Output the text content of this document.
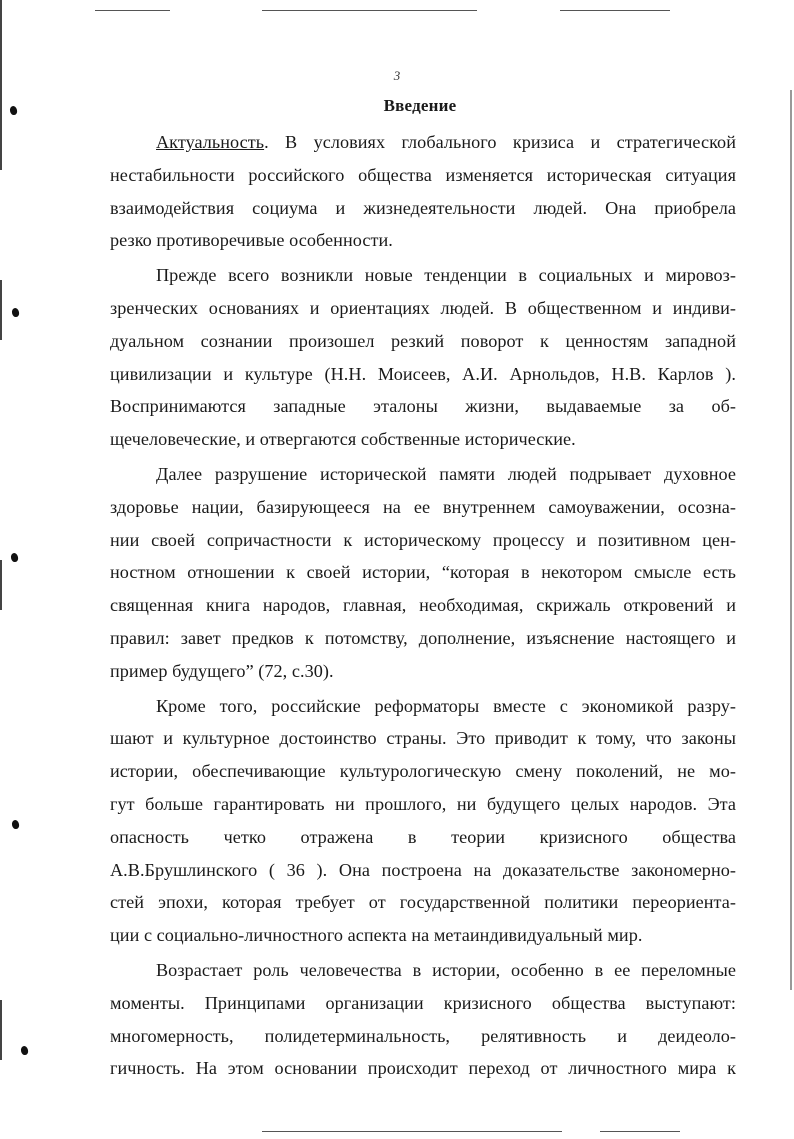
3
Введение
Актуальность. В условиях глобального кризиса и стратегической
нестабильности российского общества изменяется историческая ситуация
взаимодействия социума и жизнедеятельности людей. Она приобрела
резко противоречивые особенности.
Прежде всего возникли новые тенденции в социальных и мировоз-
зренческих основаниях и ориентациях людей. В общественном и индиви-
дуальном сознании произошел резкий поворот к ценностям западной
цивилизации и культуре (Н.Н. Моисеев, А.И. Арнольдов, Н.В. Карлов ).
Воспринимаются западные эталоны жизни, выдаваемые за об-
щечеловеческие, и отвергаются собственные исторические.
Далее разрушение исторической памяти людей подрывает духовное
здоровье нации, базирующееся на ее внутреннем самоуважении, осозна-
нии своей сопричастности к историческому процессу и позитивном цен-
ностном отношении к своей истории, “которая в некотором смысле есть
священная книга народов, главная, необходимая, скрижаль откровений и
правил: завет предков к потомству, дополнение, изъяснение настоящего и
пример будущего” (72, с.30).
Кроме того, российские реформаторы вместе с экономикой разру-
шают и культурное достоинство страны. Это приводит к тому, что законы
истории, обеспечивающие культурологическую смену поколений, не мо-
гут больше гарантировать ни прошлого, ни будущего целых народов. Эта
опасность четко отражена в теории кризисного общества
А.В.Брушлинского ( 36 ). Она построена на доказательстве закономерно-
стей эпохи, которая требует от государственной политики переориента-
ции с социально-личностного аспекта на метаиндивидуальный мир.
Возрастает роль человечества в истории, особенно в ее переломные
моменты. Принципами организации кризисного общества выступают:
многомерность, полидетерминальность, релятивность и деидеоло-
гичность. На этом основании происходит переход от личностного мира к
